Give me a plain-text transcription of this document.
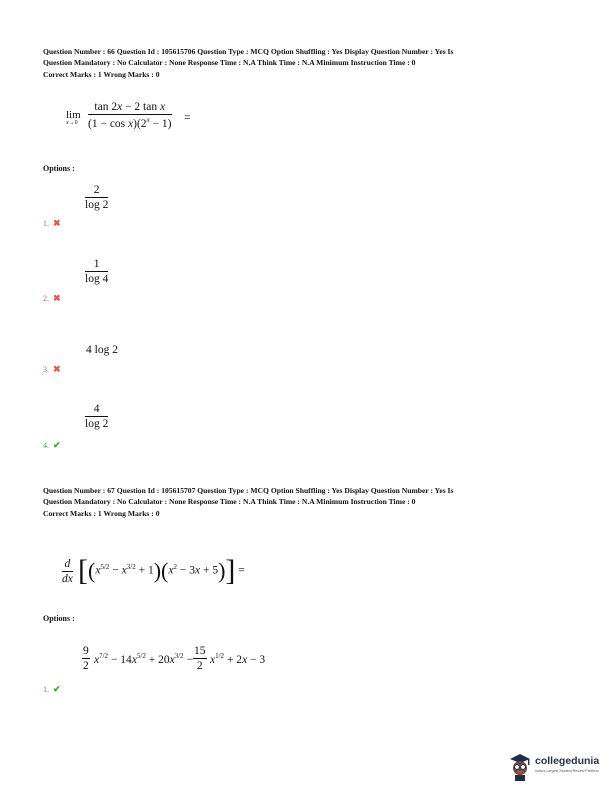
Question Number : 66 Question Id : 105615706 Question Type : MCQ Option Shuffling : Yes Display Question Number : Yes Is
Question Mandatory : No Calculator : None Response Time : N.A Think Time : N.A Minimum Instruction Time : 0
Correct Marks : 1 Wrong Marks : 0
lim
$x\to 0 \frac{\text{tan 2x − 2 tan x}}{(1 - \cos x)(2^x - 1)}$ =
Options :
$\frac{2}{\log 2}$
1. ✖
$\frac{1}{\log 4}$
2. ✖
4 log 2
3. ✖
$\frac{4}{\log 2}$
4. ✔
Question Number : 67 Question Id : 105615707 Question Type : MCQ Option Shuffling : Yes Display Question Number : Yes Is
Question Mandatory : No Calculator : None Response Time : N.A Think Time : N.A Minimum Instruction Time : 0
Correct Marks : 1 Wrong Marks : 0
$\frac{d}{dx} [(x^{5/2} - x^{3/2} + 1)(x^2 - 3x + 5)]$ =
Options :
$\frac{9}{2} x^{7/2} - 14x^{5/2} + 20x^{3/2} - \frac{15}{2} x^{1/2} + 2x - 3$
1. ✔
collegedunia
India's Largest Student Review Platform
